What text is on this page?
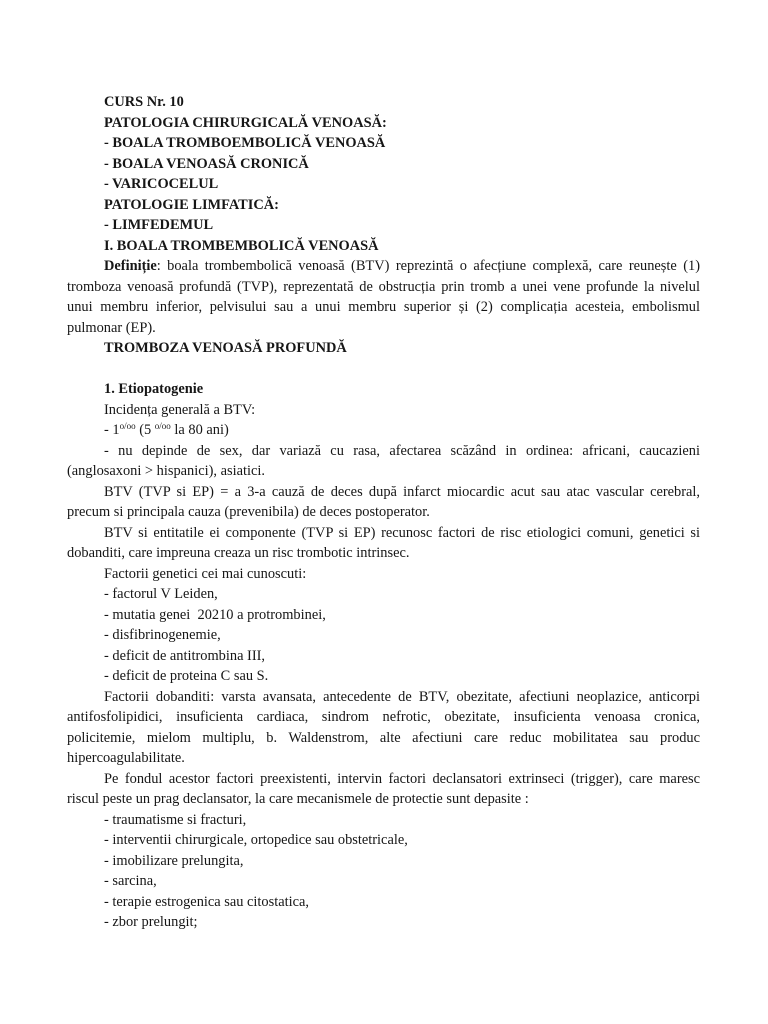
CURS Nr. 10
PATOLOGIA CHIRURGICALĂ VENOASĂ:
- BOALA TROMBOEMBOLICĂ VENOASĂ
- BOALA VENOASĂ CRONICĂ
- VARICOCELUL
PATOLOGIE LIMFATICĂ:
- LIMFEDEMUL
I. BOALA TROMBEMBOLICĂ VENOASĂ
Definiție: boala trombembolică venoasă (BTV) reprezintă o afecțiune complexă, care reunește (1)
tromboza venoasă profundă (TVP), reprezentată de obstrucția prin tromb a unei vene profunde la nivelul
unui membru inferior, pelvisului sau a unui membru superior și (2) complicația acesteia, embolismul
pulmonar (EP).
TROMBOZA VENOASĂ PROFUNDĂ
1. Etiopatogenie
Incidența generală a BTV:
- $1^{o/oo}$ (5 $^{o/oo}$ la 80 ani)
- nu depinde de sex, dar variază cu rasa, afectarea scăzând in ordinea: africani, caucazieni
(anglosaxoni > hispanici), asiatici.
BTV (TVP si EP) = a 3-a cauză de deces după infarct miocardic acut sau atac vascular cerebral,
precum si principala cauza (prevenibila) de deces postoperator.
BTV si entitatile ei componente (TVP si EP) recunosc factori de risc etiologici comuni, genetici si
dobanditi, care impreuna creaza un risc trombotic intrinsec.
Factorii genetici cei mai cunoscuti:
- factorul V Leiden,
- mutatia genei  20210 a protrombinei,
- disfibrinogenemie,
- deficit de antitrombina III,
- deficit de proteina C sau S.
Factorii dobanditi: varsta avansata, antecedente de BTV, obezitate, afectiuni neoplazice, anticorpi
antifosfolipidici, insuficienta cardiaca, sindrom nefrotic, obezitate, insuficienta venoasa cronica,
policitemie, mielom multiplu, b. Waldenstrom, alte afectiuni care reduc mobilitatea sau produc
hipercoagulabilitate.
Pe fondul acestor factori preexistenti, intervin factori declansatori extrinseci (trigger), care maresc
riscul peste un prag declansator, la care mecanismele de protectie sunt depasite :
- traumatisme si fracturi,
- interventii chirurgicale, ortopedice sau obstetricale,
- imobilizare prelungita,
- sarcina,
- terapie estrogenica sau citostatica,
- zbor prelungit;
